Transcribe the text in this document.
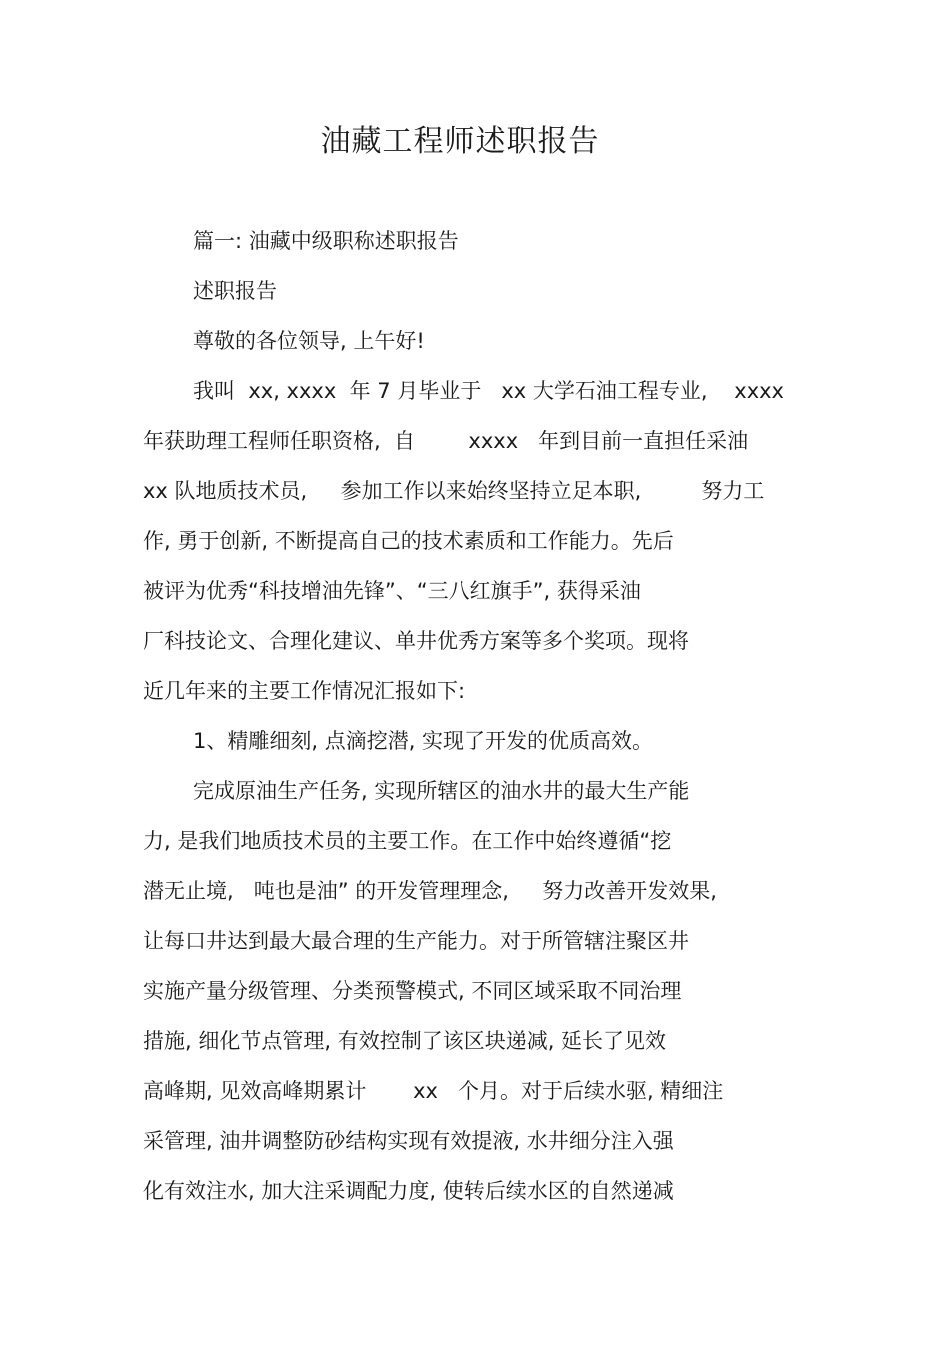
油藏工程师述职报告
篇一: 油藏中级职称述职报告
述职报告
尊敬的各位领导, 上午好!
我叫  xx, xxxx  年 7 月毕业于   xx 大学石油工程专业,    xxxx
年获助理工程师任职资格,  自        xxxx   年到目前一直担任采油
xx 队地质技术员,     参加工作以来始终坚持立足本职,         努力工
作, 勇于创新, 不断提高自己的技术素质和工作能力。先后
被评为优秀“科技增油先锋”、“三八红旗手”, 获得采油
厂科技论文、合理化建议、单井优秀方案等多个奖项。现将
近几年来的主要工作情况汇报如下:
1、精雕细刻, 点滴挖潜, 实现了开发的优质高效。
完成原油生产任务, 实现所辖区的油水井的最大生产能
力, 是我们地质技术员的主要工作。在工作中始终遵循“挖
潜无止境,   吨也是油” 的开发管理理念,     努力改善开发效果,
让每口井达到最大最合理的生产能力。对于所管辖注聚区井
实施产量分级管理、分类预警模式, 不同区域采取不同治理
措施, 细化节点管理, 有效控制了该区块递减, 延长了见效
高峰期, 见效高峰期累计       xx   个月。对于后续水驱, 精细注
采管理, 油井调整防砂结构实现有效提液, 水井细分注入强
化有效注水, 加大注采调配力度, 使转后续水区的自然递减
